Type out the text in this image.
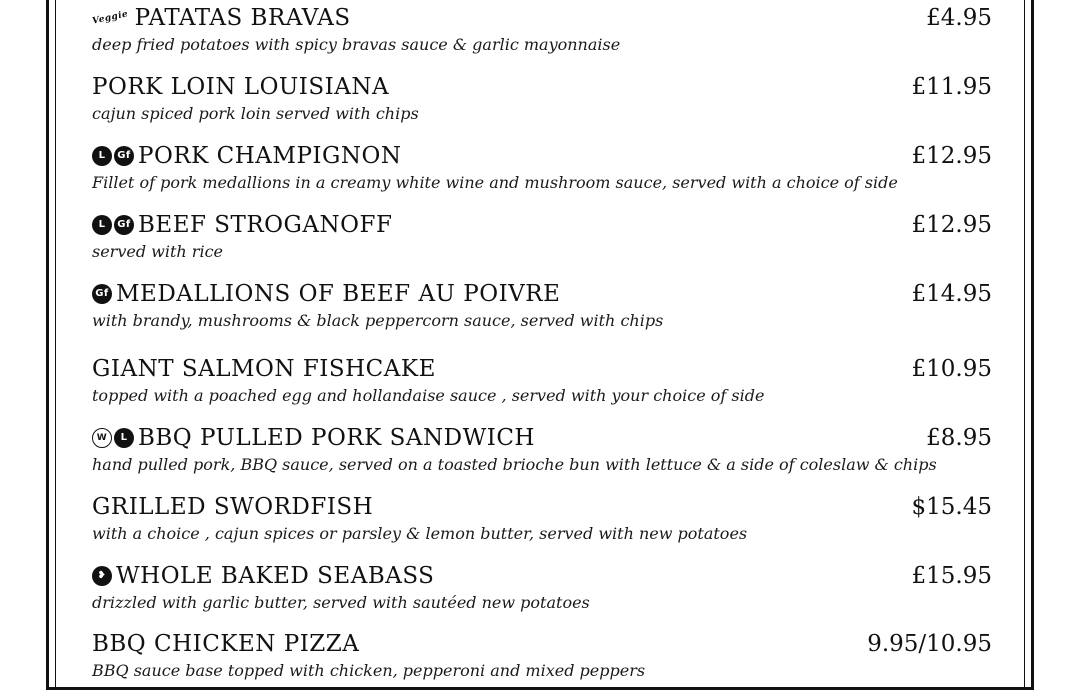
Veggie PATATAS BRAVAS	£4.95
deep fried potatoes with spicy bravas sauce & garlic mayonnaise
PORK LOIN LOUISIANA	£11.95
cajun spiced pork loin served with chips
L	Gf PORK CHAMPIGNON	£12.95
Fillet of pork medallions in a creamy white wine and mushroom sauce, served with a choice of side
L	Gf BEEF STROGANOFF	£12.95
served with rice
Gf MEDALLIONS OF BEEF AU POIVRE	£14.95
with brandy, mushrooms & black peppercorn sauce, served with chips
GIANT SALMON FISHCAKE	£10.95
topped with a poached egg and hollandaise sauce , served with your choice of side
W	L BBQ PULLED PORK SANDWICH	£8.95
hand pulled pork, BBQ sauce, served on a toasted brioche bun with lettuce & a side of coleslaw & chips
GRILLED SWORDFISH	$15.45
with a choice , cajun spices or parsley & lemon butter, served with new potatoes
❥ WHOLE BAKED SEABASS	£15.95
drizzled with garlic butter, served with sautéed new potatoes
BBQ CHICKEN PIZZA	9.95/10.95
BBQ sauce base topped with chicken, pepperoni and mixed peppers
